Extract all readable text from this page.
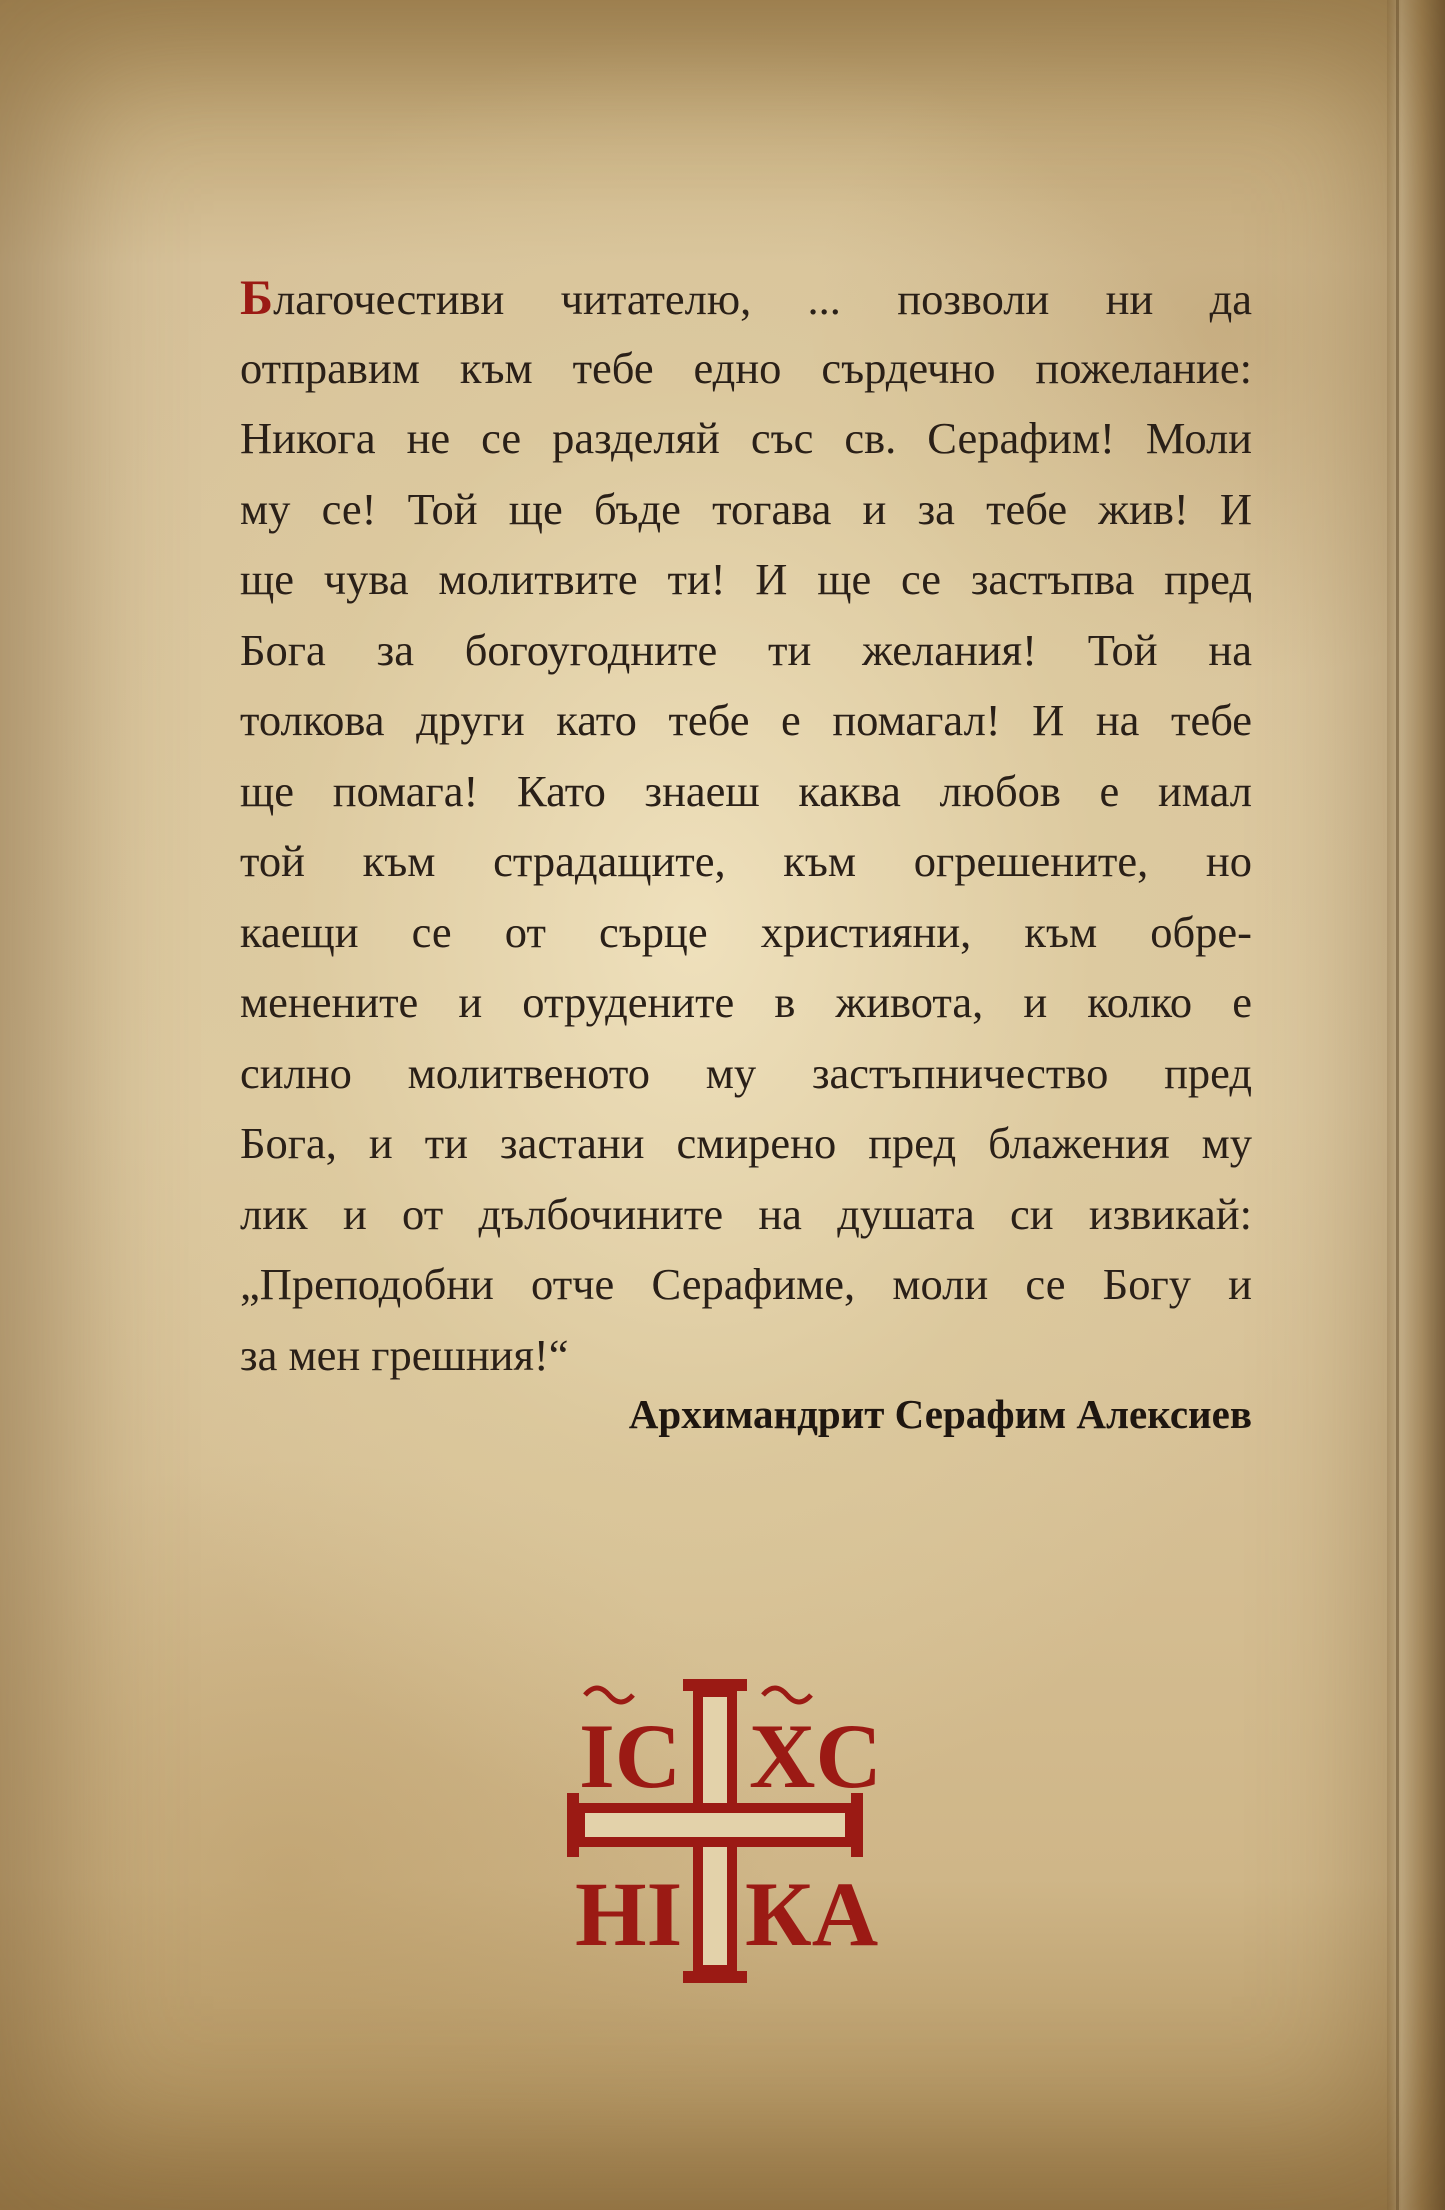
Благочестиви читателю, ... позволи ни да
отправим към тебе едно сърдечно пожелание:
Никога не се разделяй със св. Серафим! Моли
му се! Той ще бъде тогава и за тебе жив! И
ще чува молитвите ти! И ще се застъпва пред
Бога за богоугодните ти желания! Той на
толкова други като тебе е помагал! И на тебе
ще помага! Като знаеш каква любов е имал
той към страдащите, към огрешените, но
каещи се от сърце християни, към обре-
менените и отрудените в живота, и колко е
силно молитвеното му застъпничество пред
Бога, и ти застани смирено пред блажения му
лик и от дълбочините на душата си извикай:
„Преподобни отче Серафиме, моли се Богу и
за мен грешния!“
Архимандрит Серафим Алексиев
IC XC
НI КА
